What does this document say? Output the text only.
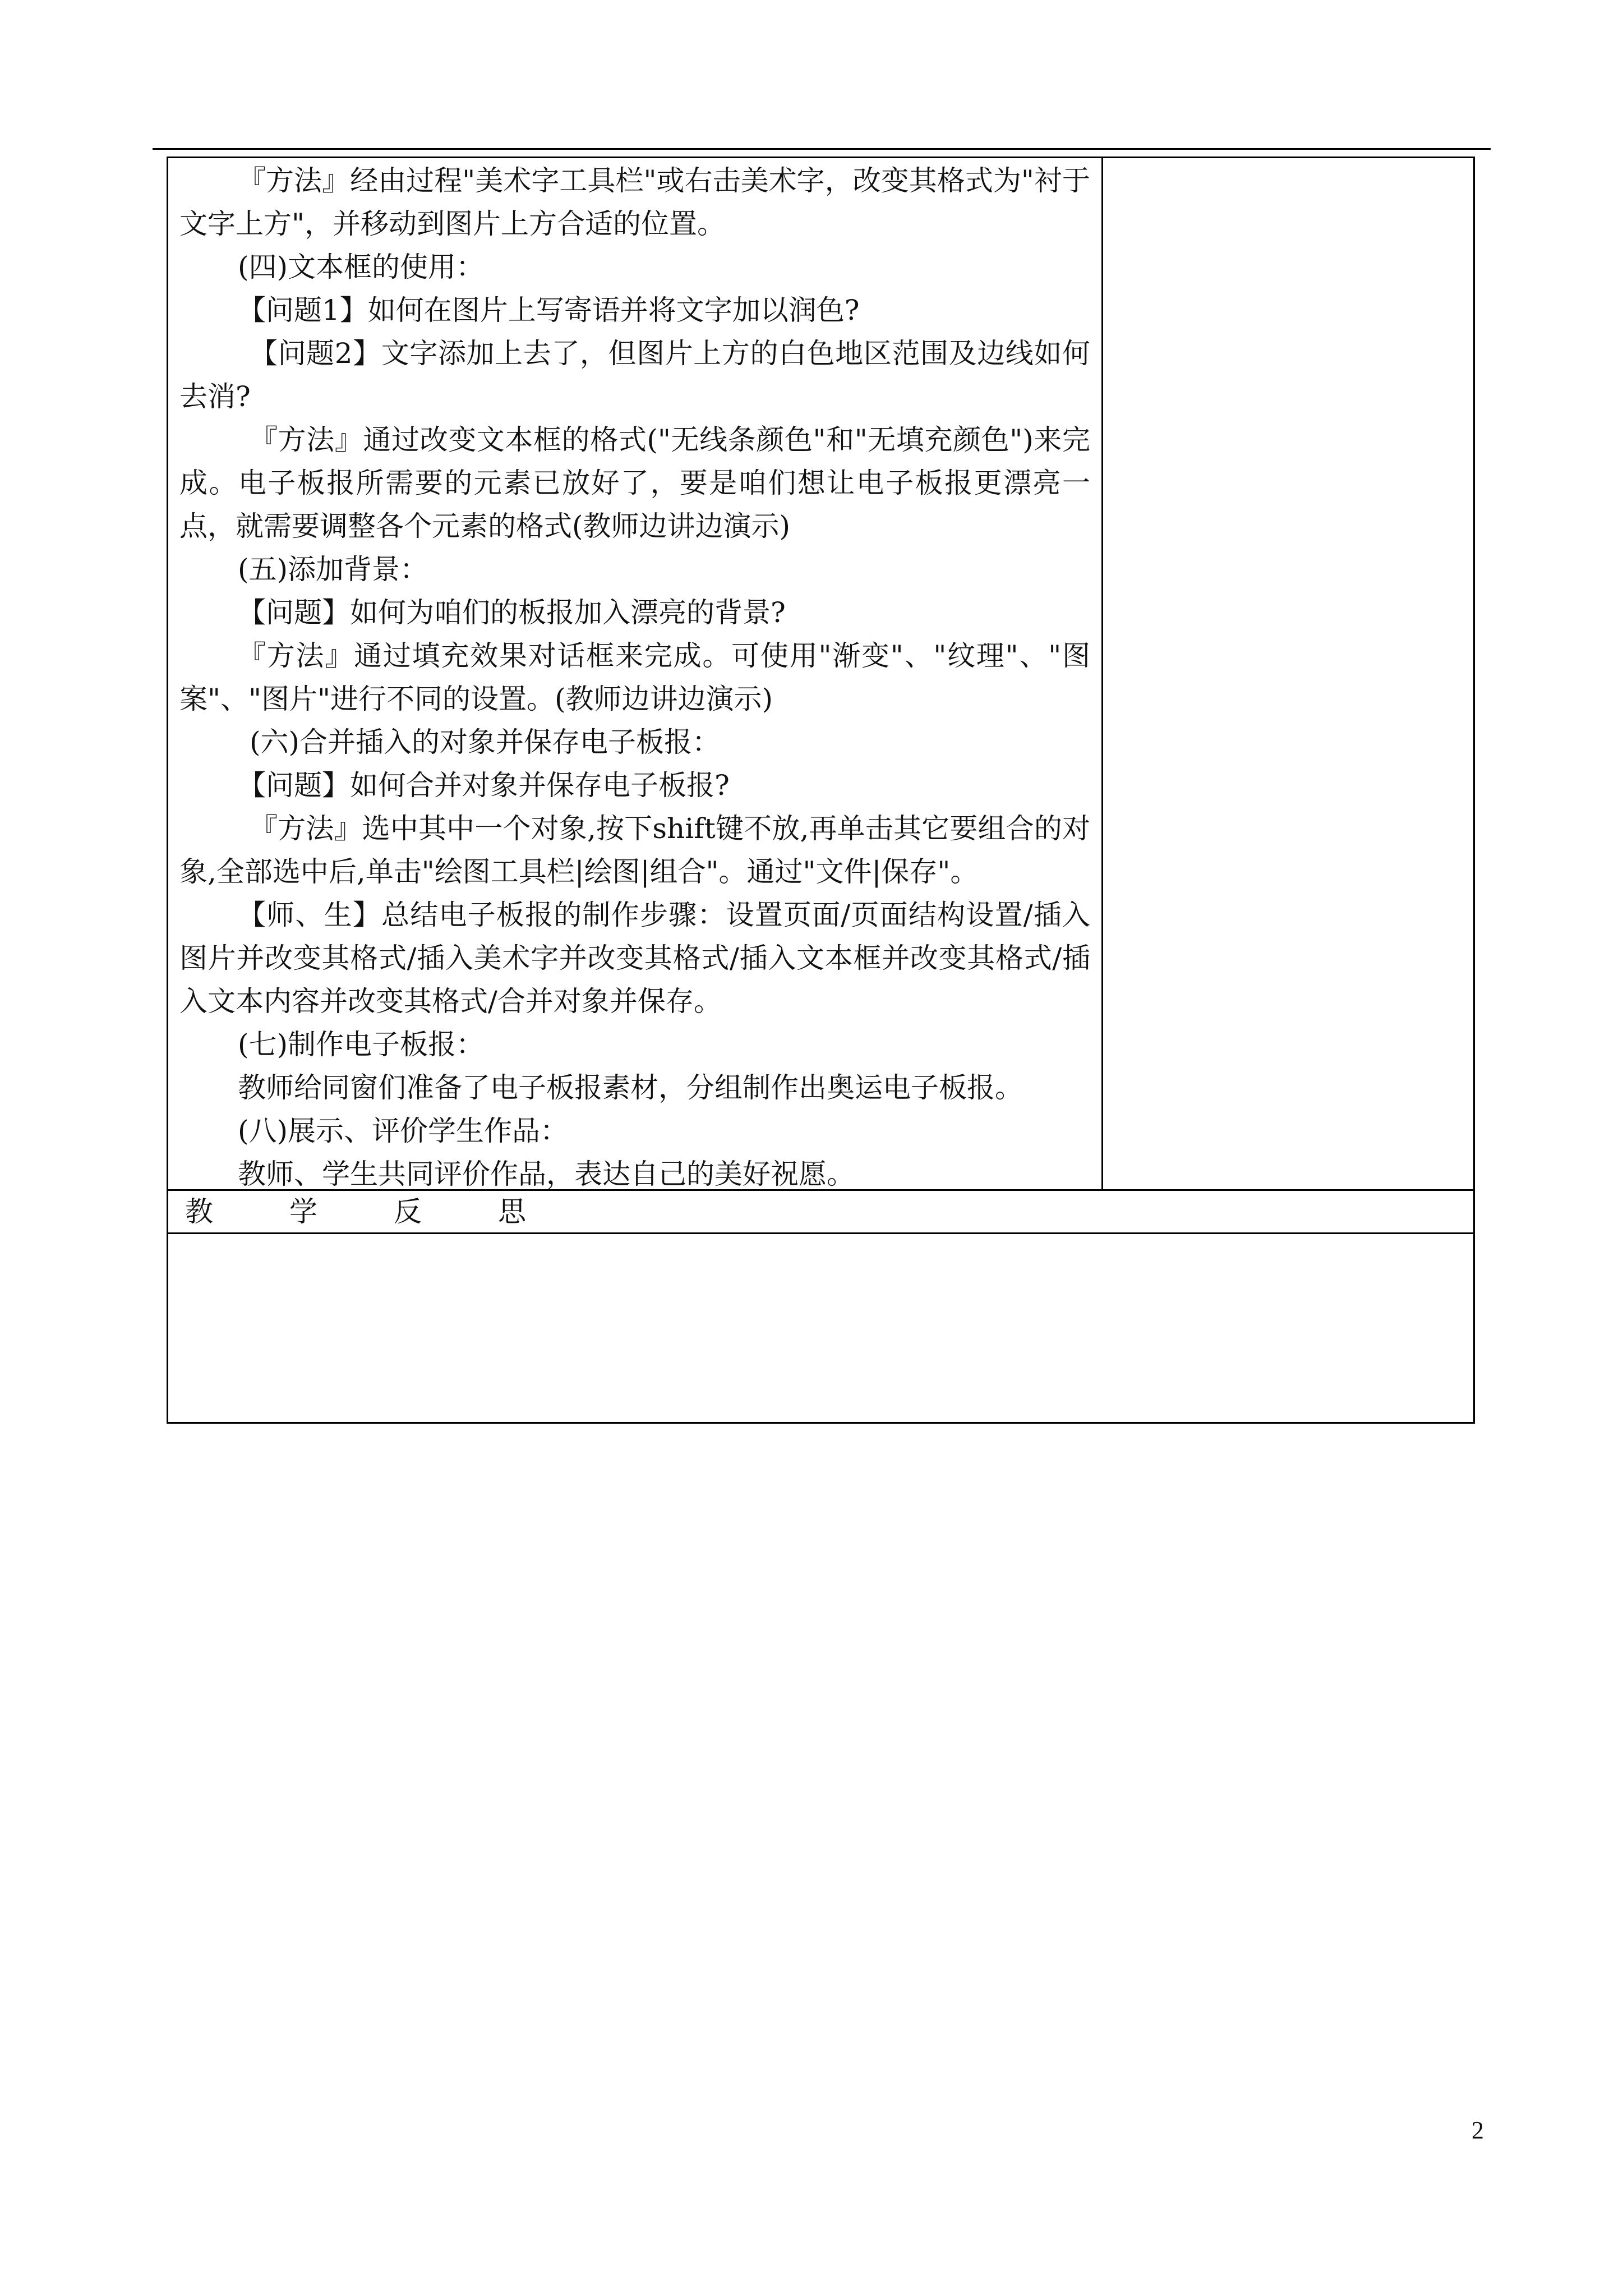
『方法』经由过程"美术字工具栏"或右击美术字，改变其格式为"衬于文字上方"，并移动到图片上方合适的位置。

(四)文本框的使用：

【问题1】如何在图片上写寄语并将文字加以润色?

【问题2】文字添加上去了，但图片上方的白色地区范围及边线如何去消?

『方法』通过改变文本框的格式("无线条颜色"和"无填充颜色")来完成。电子板报所需要的元素已放好了，要是咱们想让电子板报更漂亮一点，就需要调整各个元素的格式(教师边讲边演示)

(五)添加背景：

【问题】如何为咱们的板报加入漂亮的背景?

『方法』通过填充效果对话框来完成。可使用"渐变"、"纹理"、"图案"、"图片"进行不同的设置。(教师边讲边演示)

(六)合并插入的对象并保存电子板报：

【问题】如何合并对象并保存电子板报?

『方法』选中其中一个对象,按下shift键不放,再单击其它要组合的对象,全部选中后,单击"绘图工具栏|绘图|组合"。通过"文件|保存"。

【师、生】总结电子板报的制作步骤：设置页面/页面结构设置/插入图片并改变其格式/插入美术字并改变其格式/插入文本框并改变其格式/插入文本内容并改变其格式/合并对象并保存。

(七)制作电子板报：

教师给同窗们准备了电子板报素材，分组制作出奥运电子板报。

(八)展示、评价学生作品：

教师、学生共同评价作品，表达自己的美好祝愿。

教	学	反	思
2
